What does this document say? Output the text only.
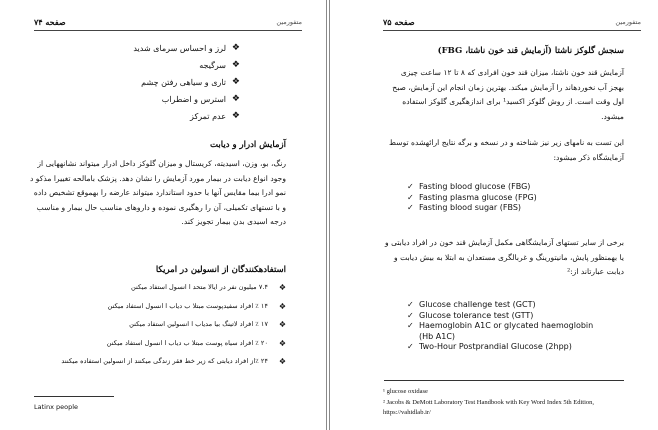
صفحه ۷۴	متفورمین
❖
لرز و احساس سرمای شدید
❖
سرگیجه
❖
تاری و سیاهی رفتن چشم
❖
استرس و اضطراب
❖
عدم تمرکز
آزمایش ادرار و دیابت
رنگ، بو، وزن، اسیدیته، کریستال و میزان گلوکز داخل ادرار میتواند نشانههایی از وجود انواع دیابت در بیمار مورد آزمایش را نشان دهد. پزشک بامالحه تغییرا مذکو د نمو ادرا بیما مقایس آنها با حدود استاندارد میتواند عارضه را بهموقع تشخیص داده و با تستهای تکمیلی، آن را رهگیری نموده و داروهای مناسب حال بیمار و مناسب درجه اسیدی بدن بیمار تجویز کند.
استفادهکنندگان از انسولین در امریکا
❖
۷.۴ میلیون نفر در ایالا متحد ا انسول استفاد میکنن
❖
۱۴ ٪ افراد سفیدپوست مبتلا ب دیاب ا انسول استفاد میکنن
❖
۱۷ ٪ افراد لاتینگ بیا مدیاب ا انسولین استفاد میکنن
❖
۲۰ ٪ افراد سیاه پوست مبتلا ب دیاب ا انسول استفاد میکنن
❖
۲۴ ٪از افراد دیابتی که زیر خط فقر زندگی میکنند از انسولین استفاده میکنند
Latinx people
صفحه ۷۵	متفورمین
سنجش گلوکز ناشتا (آزمایش قند خون ناشتا، FBG)
آزمایش قند خون ناشتا، میزان قند خون افرادی که ۸ تا ۱۲ ساعت چیزی بهجز آب نخوردهاند را آزمایش میکند. بهترین زمان انجام این آزمایش، صبح اول وقت است. از روش گلوکز اکسید¹ برای اندازهگیری گلوکز استفاده میشود.
این تست به نامهای زیر نیز شناخته و در نسخه و برگه نتایج ارائهشده توسط آزمایشگاه ذکر میشود:
✓ Fasting blood glucose (FBG)
✓ Fasting plasma glucose (FPG)
✓ Fasting blood sugar (FBS)
برخی از سایر تستهای آزمایشگاهی مکمل آزمایش قند خون در افراد دیابتی و یا بهمنظور پایش، مانیتورینگ و غربالگری مستعدان به ابتلا به بیش دیابت و دیابت عبارتاند از:²
✓ Glucose challenge test (GCT)
✓ Glucose tolerance test (GTT)
✓ Haemoglobin A1C or glycated haemoglobin (Hb A1C)
✓ Two-Hour Postprandial Glucose (2hpp)
¹ glucose oxidase
² Jacobs & DeMott Laboratory Test Handbook with Key Word Index 5th Edition, https://vahidlab.ir/
